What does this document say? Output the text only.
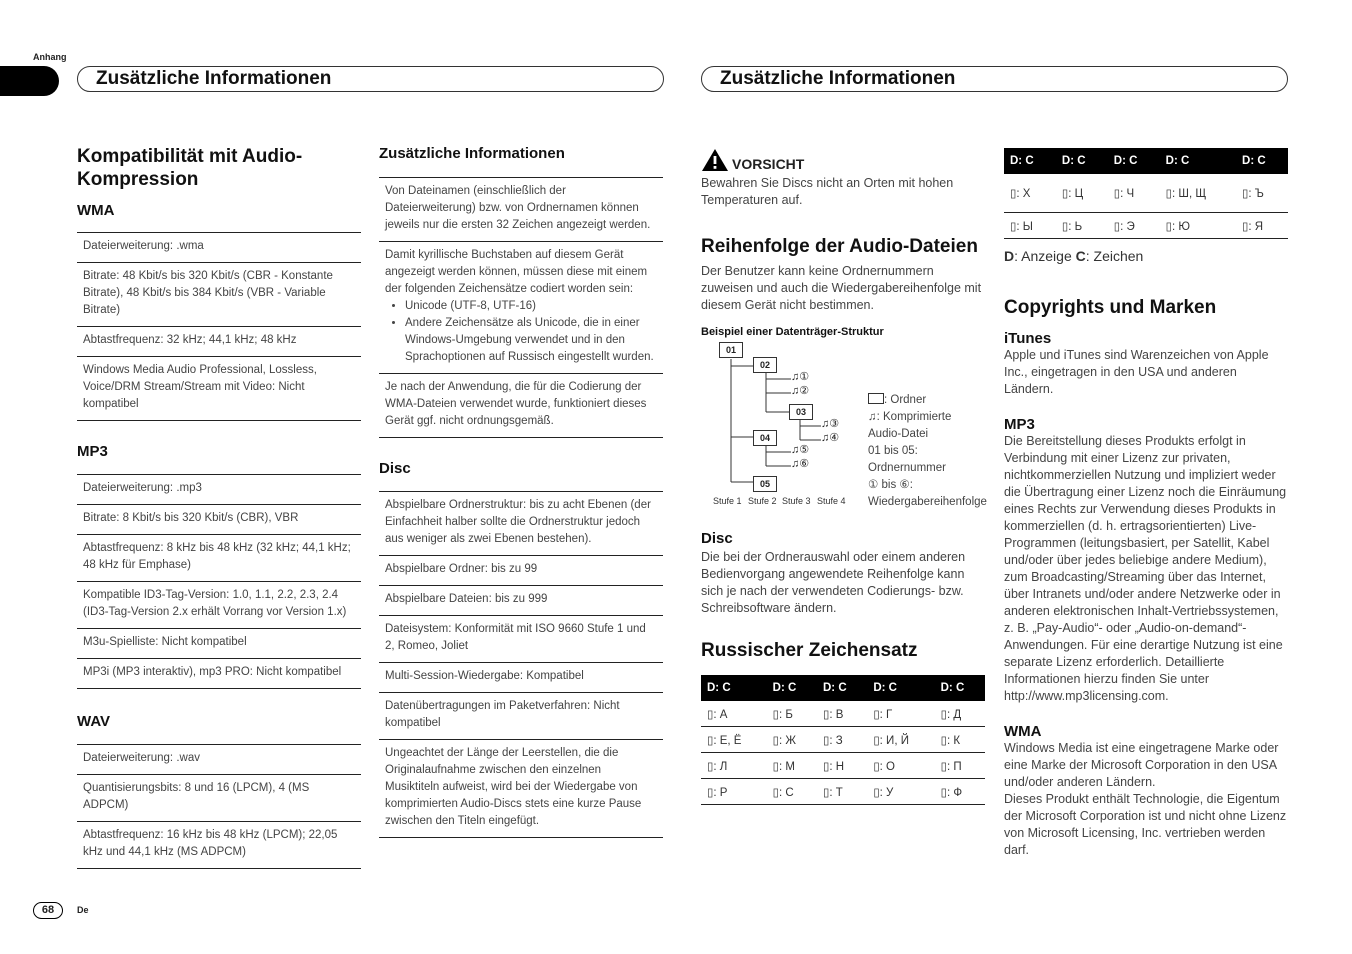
Anhang
Zusätzliche Informationen	Zusätzliche Informationen
Kompatibilität mit Audio-
Kompression
WMA
Dateierweiterung: .wma
Bitrate: 48 Kbit/s bis 320 Kbit/s (CBR - Konstante Bitrate), 48 Kbit/s bis 384 Kbit/s (VBR - Variable Bitrate)
Abtastfrequenz: 32 kHz; 44,1 kHz; 48 kHz
Windows Media Audio Professional, Lossless, Voice/DRM Stream/Stream mit Video: Nicht kompatibel
MP3
Dateierweiterung: .mp3
Bitrate: 8 Kbit/s bis 320 Kbit/s (CBR), VBR
Abtastfrequenz: 8 kHz bis 48 kHz (32 kHz; 44,1 kHz; 48 kHz für Emphase)
Kompatible ID3-Tag-Version: 1.0, 1.1, 2.2, 2.3, 2.4 (ID3-Tag-Version 2.x erhält Vorrang vor Version 1.x)
M3u-Spielliste: Nicht kompatibel
MP3i (MP3 interaktiv), mp3 PRO: Nicht kompatibel
WAV
Dateierweiterung: .wav
Quantisierungsbits: 8 und 16 (LPCM), 4 (MS ADPCM)
Abtastfrequenz: 16 kHz bis 48 kHz (LPCM); 22,05 kHz und 44,1 kHz (MS ADPCM)
Zusätzliche Informationen
Von Dateinamen (einschließlich der Dateierweiterung) bzw. von Ordnernamen können jeweils nur die ersten 32 Zeichen angezeigt werden.
Damit kyrillische Buchstaben auf diesem Gerät angezeigt werden können, müssen diese mit einem der folgenden Zeichensätze codiert worden sein:
• Unicode (UTF-8, UTF-16)
• Andere Zeichensätze als Unicode, die in einer Windows-Umgebung verwendet und in den Sprachoptionen auf Russisch eingestellt wurden.
Je nach der Anwendung, die für die Codierung der WMA-Dateien verwendet wurde, funktioniert dieses Gerät ggf. nicht ordnungsgemäß.
Disc
Abspielbare Ordnerstruktur: bis zu acht Ebenen (der Einfachheit halber sollte die Ordnerstruktur jedoch aus weniger als zwei Ebenen bestehen).
Abspielbare Ordner: bis zu 99
Abspielbare Dateien: bis zu 999
Dateisystem: Konformität mit ISO 9660 Stufe 1 und 2, Romeo, Joliet
Multi-Session-Wiedergabe: Kompatibel
Datenübertragungen im Paketverfahren: Nicht kompatibel
Ungeachtet der Länge der Leerstellen, die die Originalaufnahme zwischen den einzelnen Musiktiteln aufweist, wird bei der Wiedergabe von komprimierten Audio-Discs stets eine kurze Pause zwischen den Titeln eingefügt.
VORSICHT
Bewahren Sie Discs nicht an Orten mit hohen Temperaturen auf.
Reihenfolge der Audio-Dateien
Der Benutzer kann keine Ordnernummern zuweisen und auch die Wiedergabereihenfolge mit diesem Gerät nicht bestimmen.
Beispiel einer Datenträger-Struktur
01
02
03
04
05
♫①
♫②
♫③
♫④
♫⑤
♫⑥
Stufe 1 Stufe 2 Stufe 3 Stufe 4
: Ordner
♫: Komprimierte Audio-Datei
01 bis 05: Ordnernummer
① bis ⑥: Wiedergabereihenfolge
Disc
Die bei der Ordnerauswahl oder einem anderen Bedienvorgang angewendete Reihenfolge kann sich je nach der verwendeten Codierungs- bzw. Schreibsoftware ändern.
Russischer Zeichensatz
D: C	D: C	D: C	D: C	D: C
▯: А	▯: Б	▯: В	▯: Г	▯: Д
▯: Е, Ё	▯: Ж	▯: З	▯: И, Й	▯: К
▯: Л	▯: М	▯: Н	▯: О	▯: П
▯: Р	▯: С	▯: Т	▯: У	▯: Ф
D: C	D: C	D: C	D: C	D: C
▯: Х	▯: Ц	▯: Ч	▯: Ш, Щ	▯: Ъ
▯: Ы	▯: Ь	▯: Э	▯: Ю	▯: Я
D: Anzeige C: Zeichen
Copyrights und Marken
iTunes
Apple und iTunes sind Warenzeichen von Apple Inc., eingetragen in den USA und anderen Ländern.
MP3
Die Bereitstellung dieses Produkts erfolgt in Verbindung mit einer Lizenz zur privaten, nichtkommerziellen Nutzung und impliziert weder die Übertragung einer Lizenz noch die Einräumung eines Rechts zur Verwendung dieses Produkts in kommerziellen (d. h. ertragsorientierten) Live-Programmen (leitungsbasiert, per Satellit, Kabel und/oder über jedes beliebige andere Medium), zum Broadcasting/Streaming über das Internet, über Intranets und/oder andere Netzwerke oder in anderen elektronischen Inhalt-Vertriebssystemen, z. B. „Pay-Audio“- oder „Audio-on-demand“-Anwendungen. Für eine derartige Nutzung ist eine separate Lizenz erforderlich. Detaillierte Informationen hierzu finden Sie unter
http://www.mp3licensing.com.
WMA
Windows Media ist eine eingetragene Marke oder eine Marke der Microsoft Corporation in den USA und/oder anderen Ländern.
Dieses Produkt enthält Technologie, die Eigentum der Microsoft Corporation ist und nicht ohne Lizenz von Microsoft Licensing, Inc. vertrieben werden darf.
68	De
